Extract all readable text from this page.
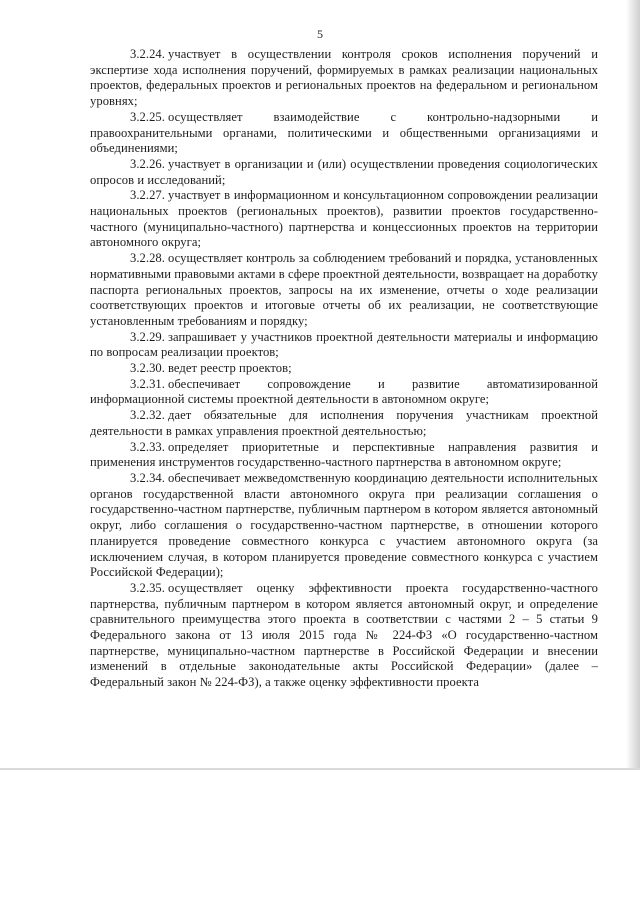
5

3.2.24. участвует в осуществлении контроля сроков исполнения поручений и экспертизе хода исполнения поручений, формируемых в рамках реализации национальных проектов, федеральных проектов и региональных проектов на федеральном и региональном уровнях;

3.2.25. осуществляет взаимодействие с контрольно-надзорными и правоохранительными органами, политическими и общественными организациями и объединениями;

3.2.26. участвует в организации и (или) осуществлении проведения социологических опросов и исследований;

3.2.27. участвует в информационном и консультационном сопровождении реализации национальных проектов (региональных проектов), развитии проектов государственно-частного (муниципально-частного) партнерства и концессионных проектов на территории автономного округа;

3.2.28. осуществляет контроль за соблюдением требований и порядка, установленных нормативными правовыми актами в сфере проектной деятельности, возвращает на доработку паспорта региональных проектов, запросы на их изменение, отчеты о ходе реализации соответствующих проектов и итоговые отчеты об их реализации, не соответствующие установленным требованиям и порядку;

3.2.29. запрашивает у участников проектной деятельности материалы и информацию по вопросам реализации проектов;

3.2.30. ведет реестр проектов;

3.2.31. обеспечивает сопровождение и развитие автоматизированной информационной системы проектной деятельности в автономном округе;

3.2.32. дает обязательные для исполнения поручения участникам проектной деятельности в рамках управления проектной деятельностью;

3.2.33. определяет приоритетные и перспективные направления развития и применения инструментов государственно-частного партнерства в автономном округе;

3.2.34. обеспечивает межведомственную координацию деятельности исполнительных органов государственной власти автономного округа при реализации соглашения о государственно-частном партнерстве, публичным партнером в котором является автономный округ, либо соглашения о государственно-частном партнерстве, в отношении которого планируется проведение совместного конкурса с участием автономного округа (за исключением случая, в котором планируется проведение совместного конкурса с участием Российской Федерации);

3.2.35. осуществляет оценку эффективности проекта государственно-частного партнерства, публичным партнером в котором является автономный округ, и определение сравнительного преимущества этого проекта в соответствии с частями 2 – 5 статьи 9 Федерального закона от 13 июля 2015 года № 224-ФЗ «О государственно-частном партнерстве, муниципально-частном партнерстве в Российской Федерации и внесении изменений в отдельные законодательные акты Российской Федерации» (далее – Федеральный закон № 224-ФЗ), а также оценку эффективности проекта
